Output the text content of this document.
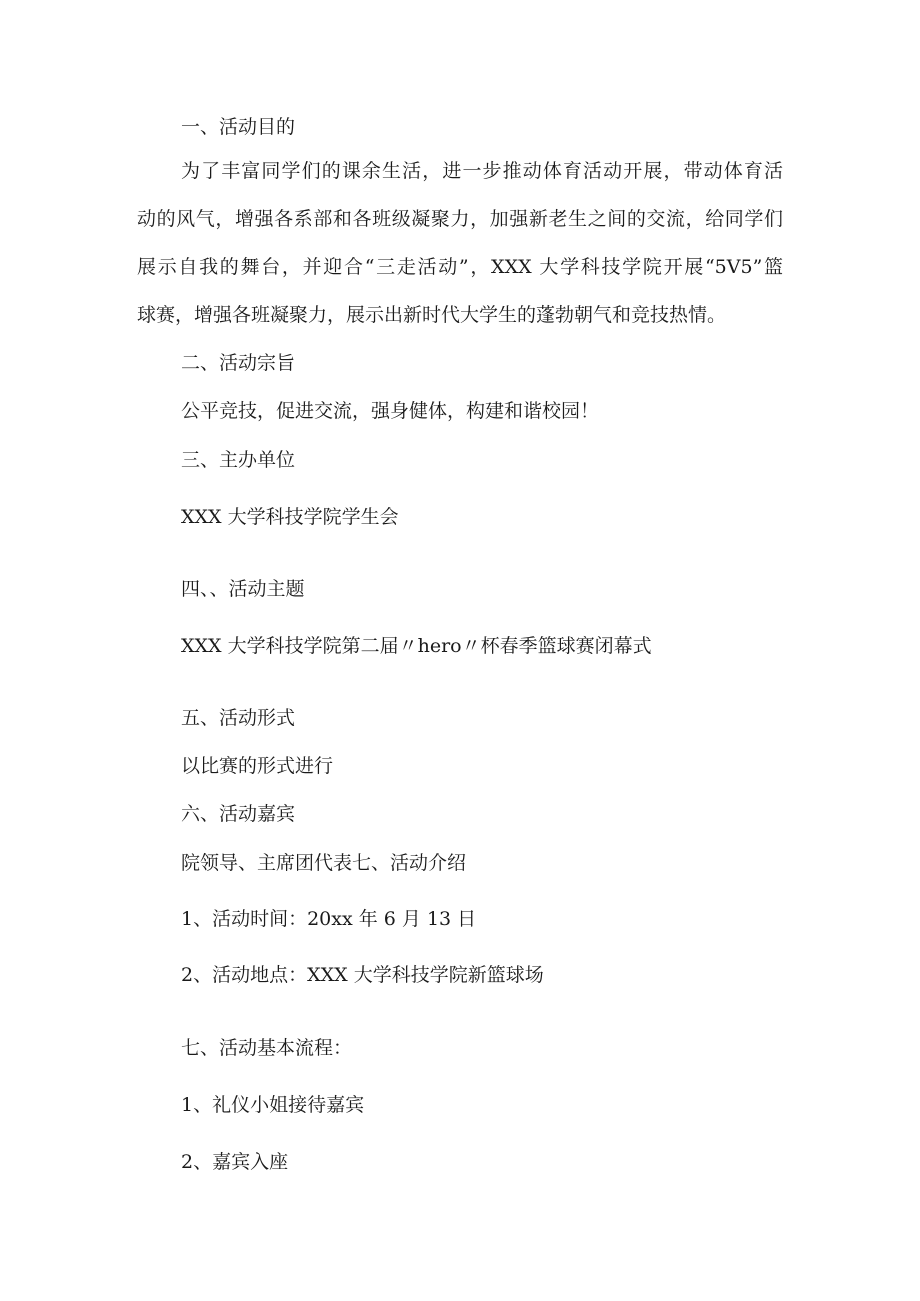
一、活动目的
为了丰富同学们的课余生活，进一步推动体育活动开展，带动体育活
动的风气，增强各系部和各班级凝聚力，加强新老生之间的交流，给同学们
展示自我的舞台，并迎合“三走活动”，XXX 大学科技学院开展“5V5”篮
球赛，增强各班凝聚力，展示出新时代大学生的蓬勃朝气和竞技热情。
二、活动宗旨
公平竞技，促进交流，强身健体，构建和谐校园！
三、主办单位
XXX 大学科技学院学生会
四、、活动主题
XXX 大学科技学院第二届〃hero〃杯春季篮球赛闭幕式
五、活动形式
以比赛的形式进行
六、活动嘉宾
院领导、主席团代表七、活动介绍
1、活动时间：20xx 年 6 月 13 日
2、活动地点：XXX 大学科技学院新篮球场
七、活动基本流程：
1、礼仪小姐接待嘉宾
2、嘉宾入座
